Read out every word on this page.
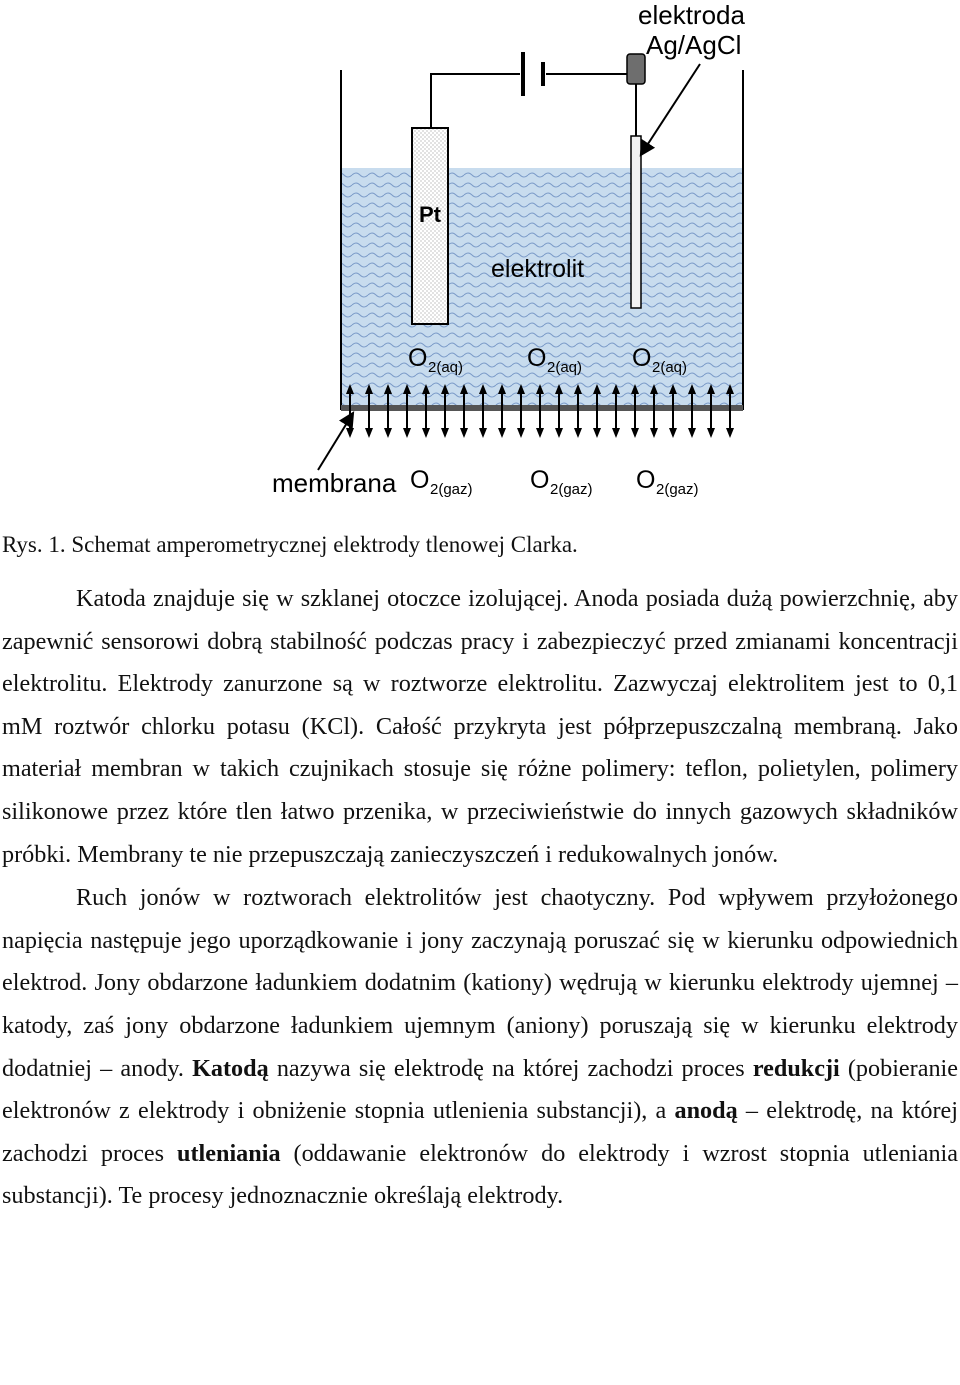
Pt
elektroda
Ag/AgCl
elektrolit
membrana
O 2(aq)	O 2(aq) O 2(aq)
O 2(gaz) O 2(gaz) O 2(gaz)
Rys. 1. Schemat amperometrycznej elektrody tlenowej Clarka.

Katoda znajduje się w szklanej otoczce izolującej. Anoda posiada dużą powierzchnię, aby zapewnić sensorowi dobrą stabilność podczas pracy i zabezpieczyć przed zmianami koncentracji elektrolitu. Elektrody zanurzone są w roztworze elektrolitu. Zazwyczaj elektrolitem jest to 0,1 mM roztwór chlorku potasu (KCl). Całość przykryta jest półprzepuszczalną membraną. Jako materiał membran w takich czujnikach stosuje się różne polimery: teflon, polietylen, polimery silikonowe przez które tlen łatwo przenika, w przeciwieństwie do innych gazowych składników próbki. Membrany te nie przepuszczają zanieczyszczeń i redukowalnych jonów.

Ruch jonów w roztworach elektrolitów jest chaotyczny. Pod wpływem przyłożonego napięcia następuje jego uporządkowanie i jony zaczynają poruszać się w kierunku odpowiednich elektrod. Jony obdarzone ładunkiem dodatnim (kationy) wędrują w kierunku elektrody ujemnej – katody, zaś jony obdarzone ładunkiem ujemnym (aniony) poruszają się w kierunku elektrody dodatniej – anody. Katodą nazywa się elektrodę na której zachodzi proces redukcji (pobieranie elektronów z elektrody i obniżenie stopnia utlenienia substancji), a anodą – elektrodę, na której zachodzi proces utleniania (oddawanie elektronów do elektrody i wzrost stopnia utleniania substancji). Te procesy jednoznacznie określają elektrody.
